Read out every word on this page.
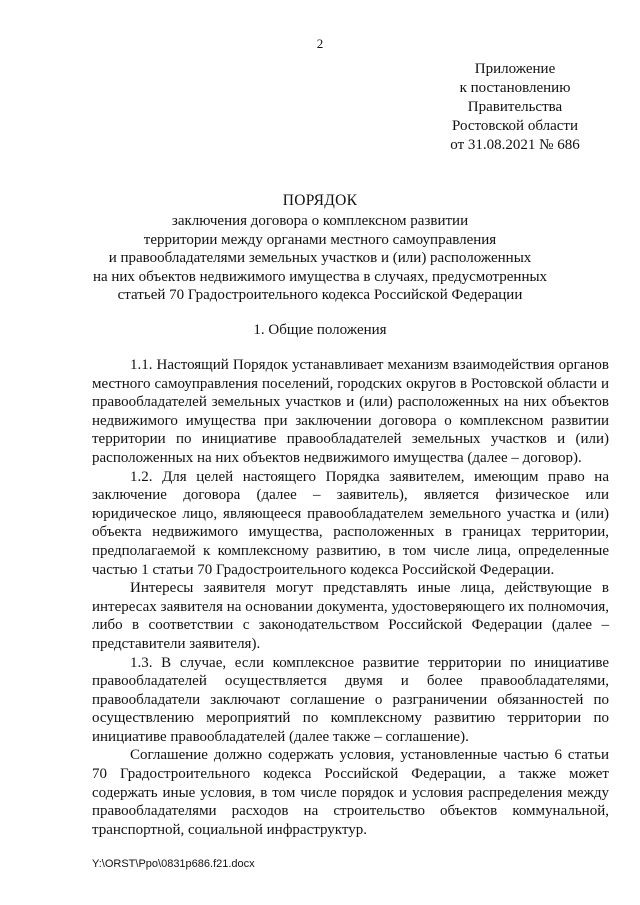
2
Приложение
к постановлению
Правительства
Ростовской области
от 31.08.2021 № 686
ПОРЯДОК
заключения договора о комплексном развитии
территории между органами местного самоуправления
и правообладателями земельных участков и (или) расположенных
на них объектов недвижимого имущества в случаях, предусмотренных
статьей 70 Градостроительного кодекса Российской Федерации
1. Общие положения

1.1. Настоящий Порядок устанавливает механизм взаимодействия органов местного самоуправления поселений, городских округов в Ростовской области и правообладателей земельных участков и (или) расположенных на них объектов недвижимого имущества при заключении договора о комплексном развитии территории по инициативе правообладателей земельных участков и (или) расположенных на них объектов недвижимого имущества (далее – договор).

1.2. Для целей настоящего Порядка заявителем, имеющим право на заключение договора (далее – заявитель), является физическое или юридическое лицо, являющееся правообладателем земельного участка и (или) объекта недвижимого имущества, расположенных в границах территории, предполагаемой к комплексному развитию, в том числе лица, определенные частью 1 статьи 70 Градостроительного кодекса Российской Федерации.

Интересы заявителя могут представлять иные лица, действующие в интересах заявителя на основании документа, удостоверяющего их полномочия, либо в соответствии с законодательством Российской Федерации (далее – представители заявителя).

1.3. В случае, если комплексное развитие территории по инициативе правообладателей осуществляется двумя и более правообладателями, правообладатели заключают соглашение о разграничении обязанностей по осуществлению мероприятий по комплексному развитию территории по инициативе правообладателей (далее также – соглашение).

Соглашение должно содержать условия, установленные частью 6 статьи 70 Градостроительного кодекса Российской Федерации, а также может содержать иные условия, в том числе порядок и условия распределения между правообладателями расходов на строительство объектов коммунальной, транспортной, социальной инфраструктур.

Y:\ORST\Ppo\0831p686.f21.docx
